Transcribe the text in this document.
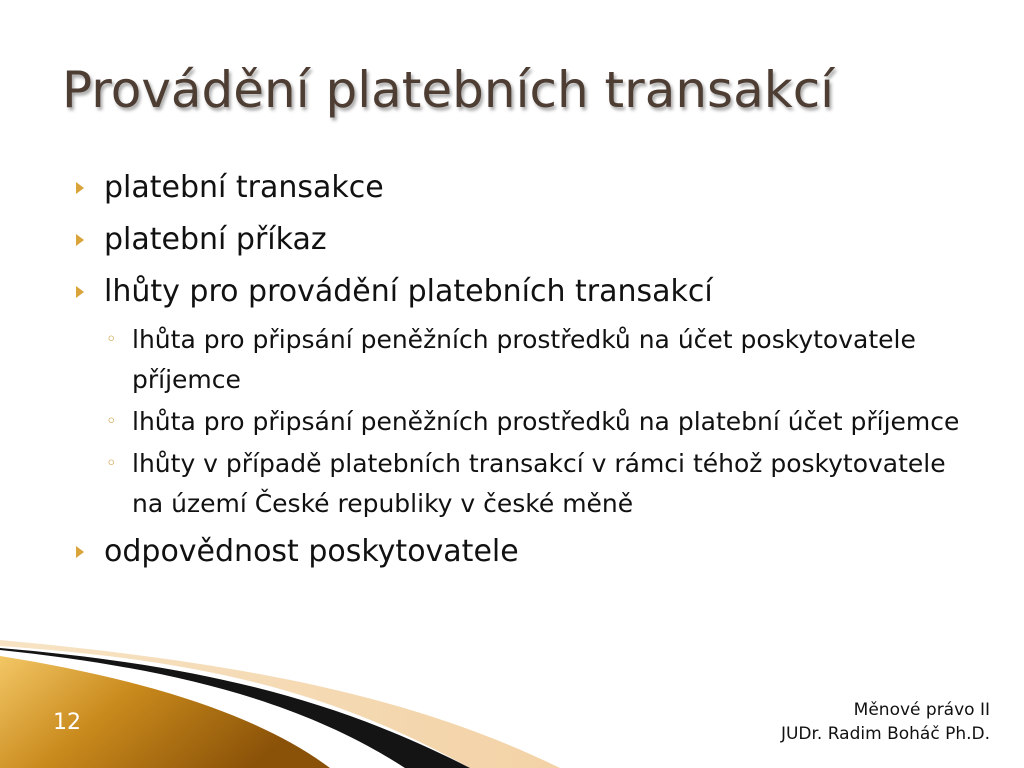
Provádění platebních transakcí
platební transakce
platební příkaz
lhůty pro provádění platebních transakcí
◦ lhůta pro připsání peněžních prostředků na účet poskytovatele příjemce
◦ lhůta pro připsání peněžních prostředků na platební účet příjemce
◦ lhůty v případě platebních transakcí v rámci téhož poskytovatele na území České republiky v české měně
odpovědnost poskytovatele
12	Měnové právo II
JUDr. Radim Boháč Ph.D.
